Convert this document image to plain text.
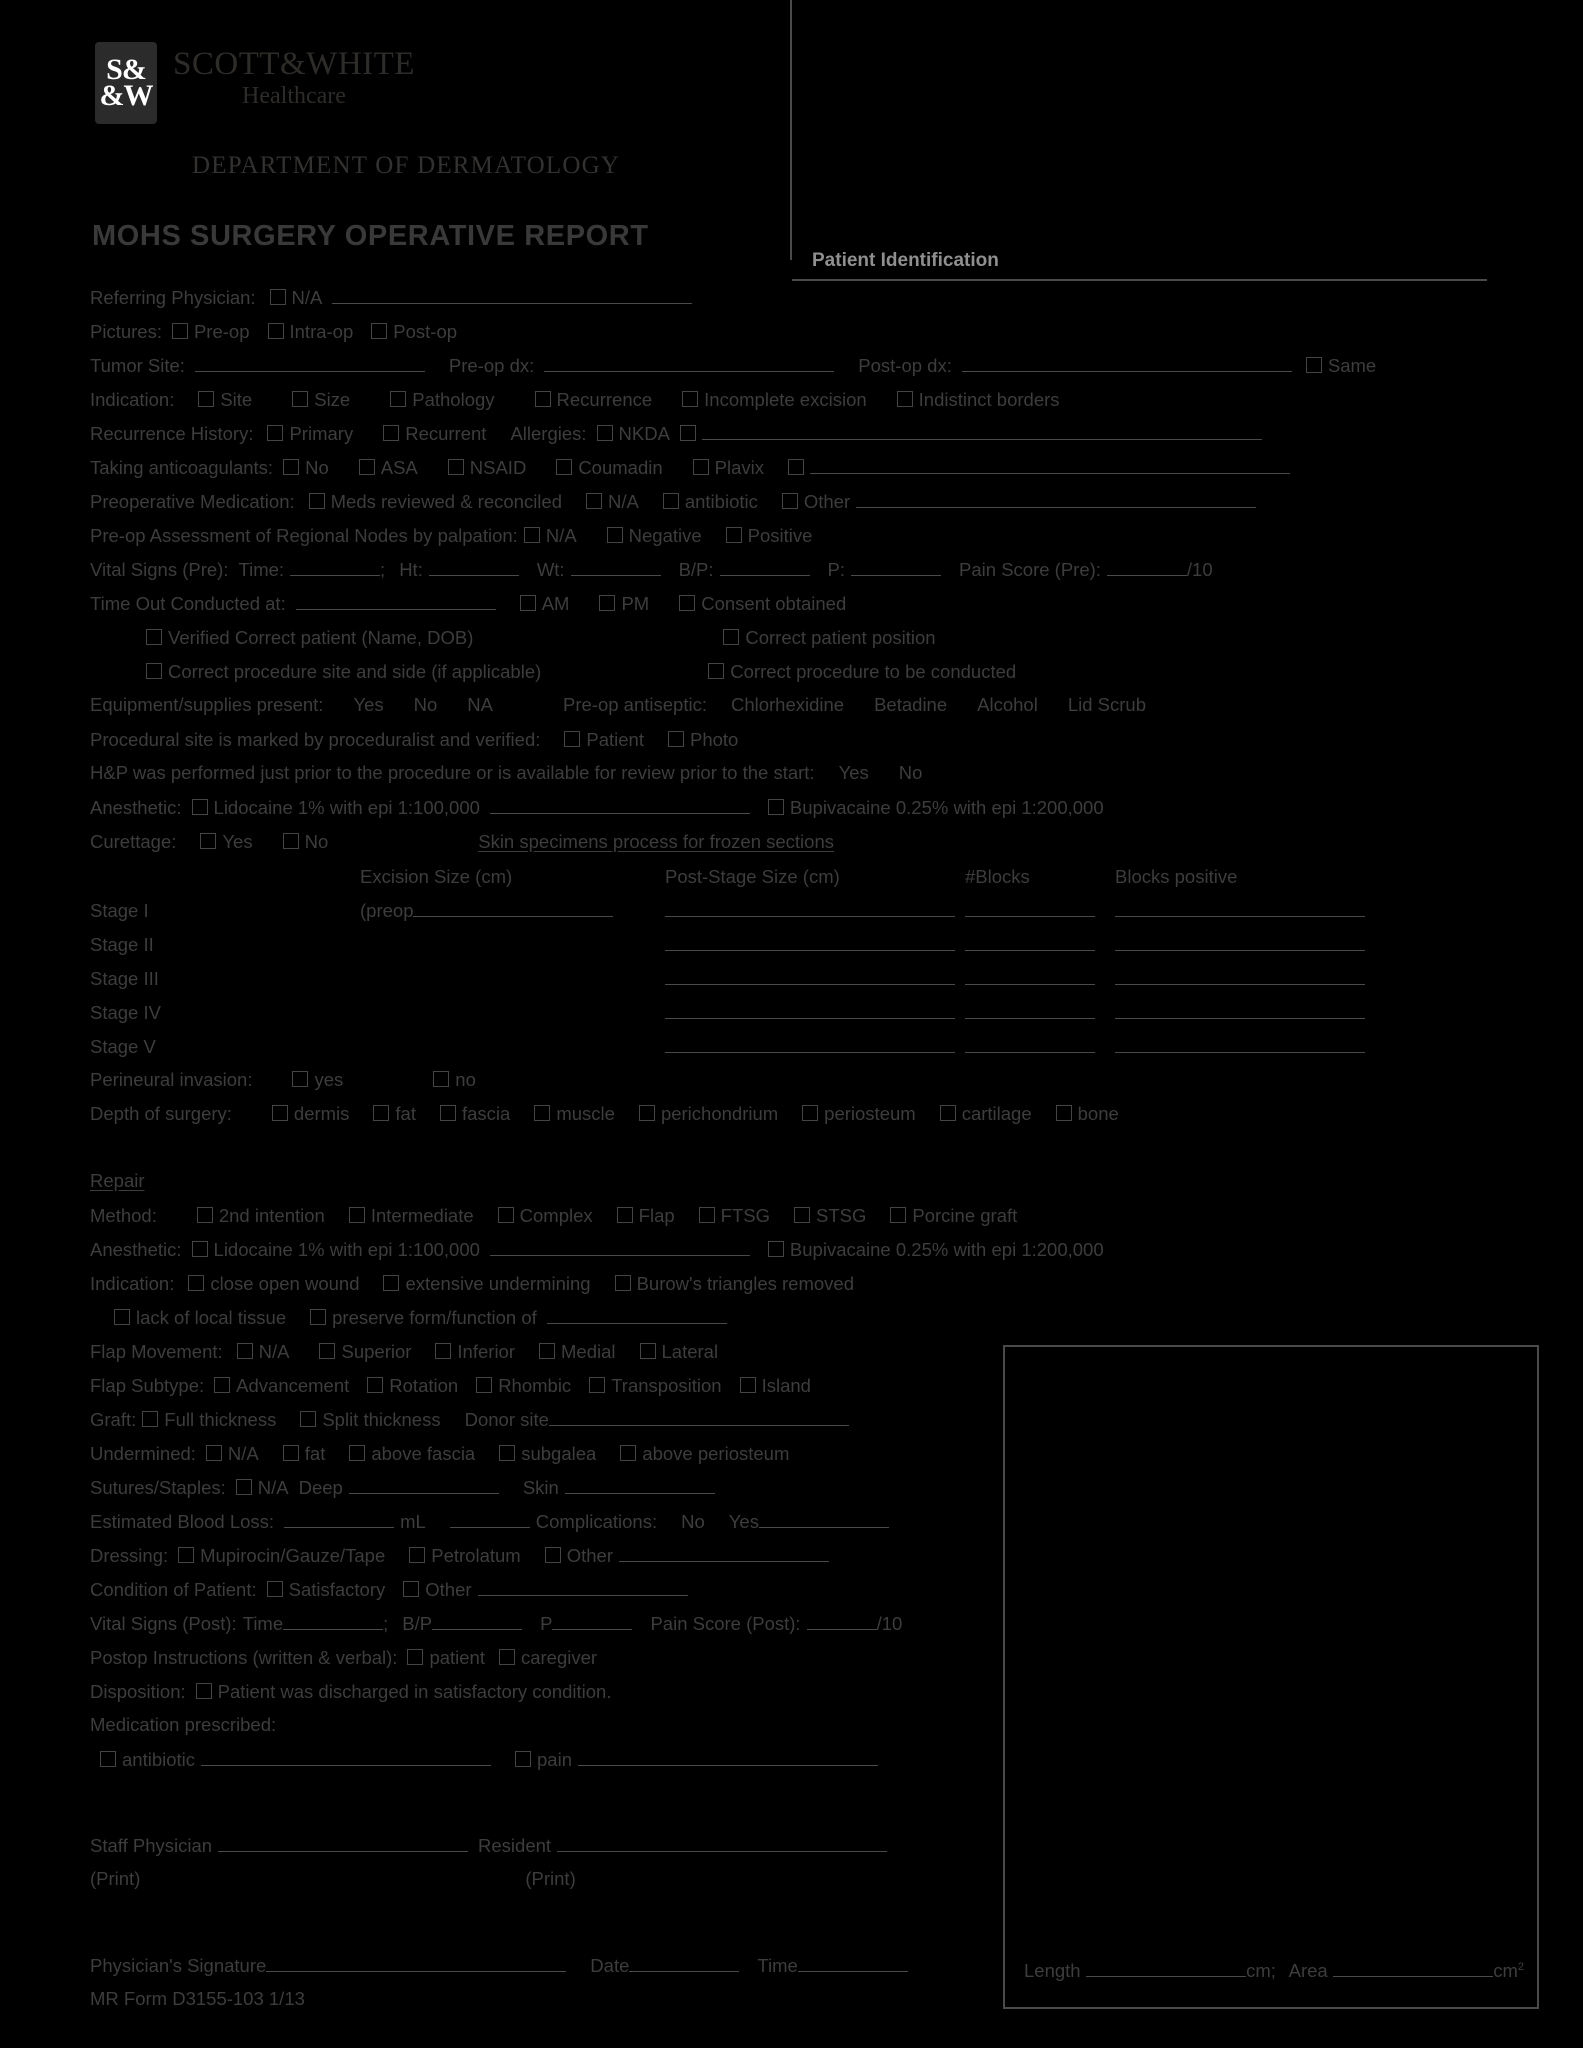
S&
&W
SCOTT&WHITE
Healthcare
DEPARTMENT OF DERMATOLOGY
MOHS SURGERY OPERATIVE REPORT
Patient Identification
Referring Physician: N/A
Pictures: Pre-op Intra-op Post-op
Tumor Site:	Pre-op dx:	Post-op dx:	Same
Indication: Site	Size	Pathology	Recurrence	Incomplete excision	Indistinct borders
Recurrence History: Primary	Recurrent Allergies: NKDA
Taking anticoagulants: No	ASA	NSAID	Coumadin	Plavix
Preoperative Medication: Meds reviewed & reconciled N/A antibiotic Other
Pre-op Assessment of Regional Nodes by palpation: N/A	Negative Positive
Vital Signs (Pre): Time:	; Ht:	Wt:	B/P:	P:	Pain Score (Pre):	/10
Time Out Conducted at:	AM	PM	Consent obtained
Verified Correct patient (Name, DOB)	Correct patient position
Correct procedure site and side (if applicable)	Correct procedure to be conducted
Equipment/supplies present: Yes No NA	Pre-op antiseptic: Chlorhexidine Betadine Alcohol Lid Scrub
Procedural site is marked by proceduralist and verified: Patient Photo
H&P was performed just prior to the procedure or is available for review prior to the start: Yes No
Anesthetic: Lidocaine 1% with epi 1:100,000	Bupivacaine 0.25% with epi 1:200,000
Curettage: Yes	No	Skin specimens process for frozen sections
Excision Size (cm)	Post-Stage Size (cm)	#Blocks	Blocks positive
Stage I	(preop
Stage II
Stage III
Stage IV
Stage V
Perineural invasion:	yes	no
Depth of surgery:	dermis fat fascia muscle perichondrium periosteum cartilage bone
Repair
Method:	2nd intention Intermediate Complex Flap FTSG STSG Porcine graft
Anesthetic: Lidocaine 1% with epi 1:100,000	Bupivacaine 0.25% with epi 1:200,000
Indication: close open wound extensive undermining Burow's triangles removed
lack of local tissue preserve form/function of
Flap Movement: N/A	Superior Inferior Medial Lateral
Flap Subtype: Advancement Rotation Rhombic Transposition Island
Graft: Full thickness Split thickness Donor site
Undermined: N/A fat above fascia subgalea above periosteum
Sutures/Staples: N/A Deep	Skin
Estimated Blood Loss:	mL	Complications: No Yes
Dressing: Mupirocin/Gauze/Tape Petrolatum Other
Condition of Patient: Satisfactory Other
Vital Signs (Post): Time	; B/P	P	Pain Score (Post):	/10
Postop Instructions (written & verbal): patient caregiver
Disposition: Patient was discharged in satisfactory condition.
Medication prescribed:
antibiotic	pain
Staff Physician	Resident
(Print)	(Print)
Physician's Signature	Date	Time
MR Form D3155-103 1/13
Length	cm; Area	$cm^2$
